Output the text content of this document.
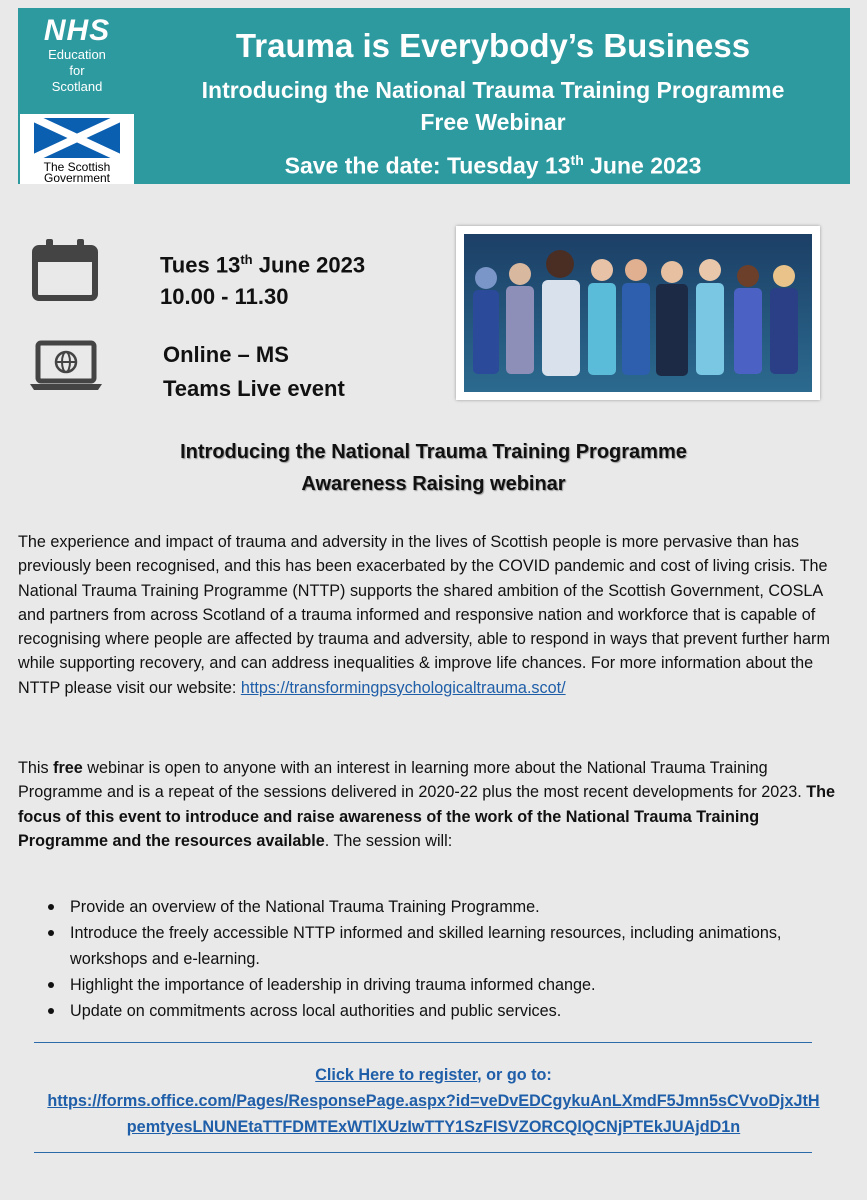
NHS
Education
for
Scotland
The Scottish
Government
Trauma is Everybody’s Business
Introducing the National Trauma Training Programme
Free Webinar
Save the date: Tuesday 13th June 2023
Tues 13th June 2023
10.00 - 11.30
Online – MS
Teams Live event
Introducing the National Trauma Training Programme
Awareness Raising webinar

The experience and impact of trauma and adversity in the lives of Scottish people is more pervasive than has previously been recognised, and this has been exacerbated by the COVID pandemic and cost of living crisis. The National Trauma Training Programme (NTTP) supports the shared ambition of the Scottish Government, COSLA and partners from across Scotland of a trauma informed and responsive nation and workforce that is capable of recognising where people are affected by trauma and adversity, able to respond in ways that prevent further harm while supporting recovery, and can address inequalities & improve life chances. For more information about the NTTP please visit our website: https://transformingpsychologicaltrauma.scot/

This free webinar is open to anyone with an interest in learning more about the National Trauma Training Programme and is a repeat of the sessions delivered in 2020-22 plus the most recent developments for 2023. The focus of this event to introduce and raise awareness of the work of the National Trauma Training Programme and the resources available. The session will:

Provide an overview of the National Trauma Training Programme.
Introduce the freely accessible NTTP informed and skilled learning resources, including animations, workshops and e-learning.
Highlight the importance of leadership in driving trauma informed change.
Update on commitments across local authorities and public services.
Click Here to register, or go to:
https://forms.office.com/Pages/ResponsePage.aspx?id=veDvEDCgykuAnLXmdF5Jmn5sCVvoDjxJtH
pemtyesLNUNEtaTTFDMTExWTlXUzIwTTY1SzFISVZORCQlQCNjPTEkJUAjdD1n
